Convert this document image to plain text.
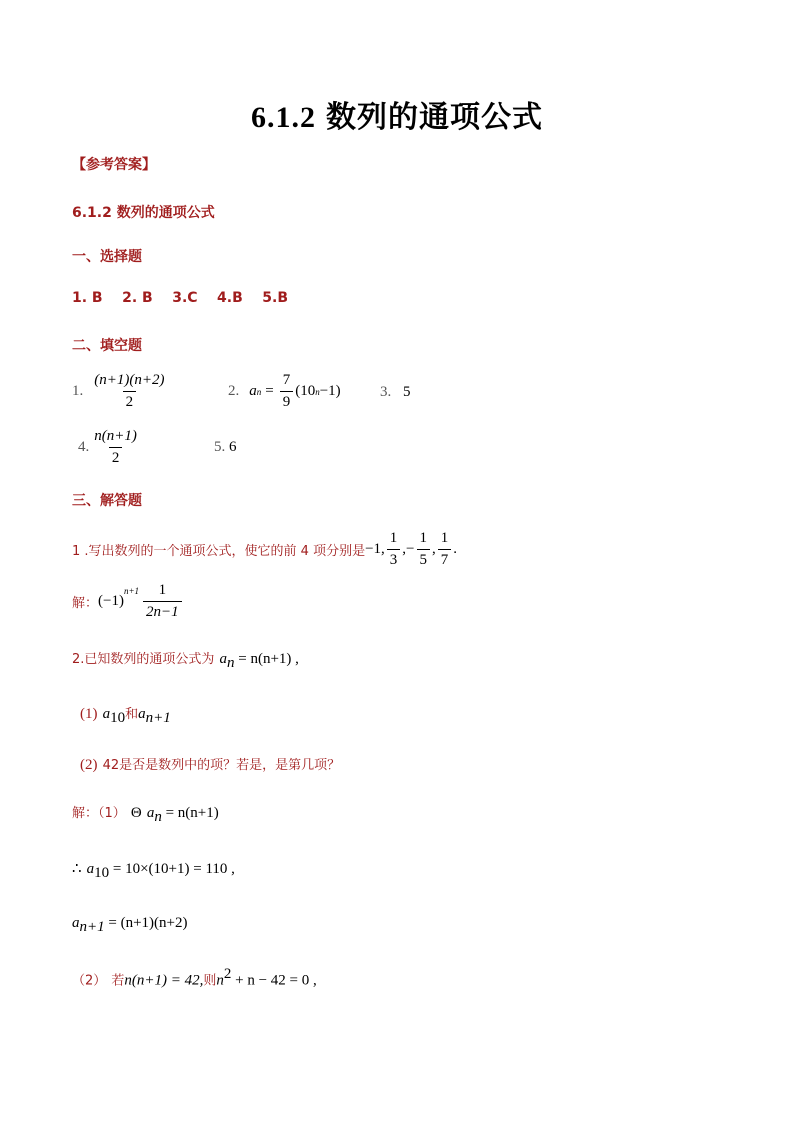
6.1.2 数列的通项公式
【参考答案】
6.1.2 数列的通项公式
一、选择题
1. B    2. B    3.C    4.B    5.B
二、填空题
1. $\frac{(n+1)(n+2)}{2}$	2. a $n = \frac{7}{9} (10$ n −1)	3. 5
4. $\frac{n(n+1)}{2}$	5. 6
三、解答题
1 .写出数列的一个通项公式，使它的前 4 项分别是 −1, $\frac{1}{3}$ ,− $\frac{1}{5}$ , $\frac{1}{7}$ .
解： (−1)
$^{n+1} \frac{1}{2n-1}$
2.已知数列的通项公式为 $a_n = n(n+1)$ ,
(1) $a_{10}$和$a_{n+1}$
(2) 42是否是数列中的项？若是，是第几项？
解：（1） Θ $a_n = n(n+1)$
∴ $a_{10} = 10\times(10+1) = 110$ ,
$a_{n+1} = (n+1)(n+2)$
（2） 若n(n+1) = 42,则$n^2 + n - 42 = 0$ ,
